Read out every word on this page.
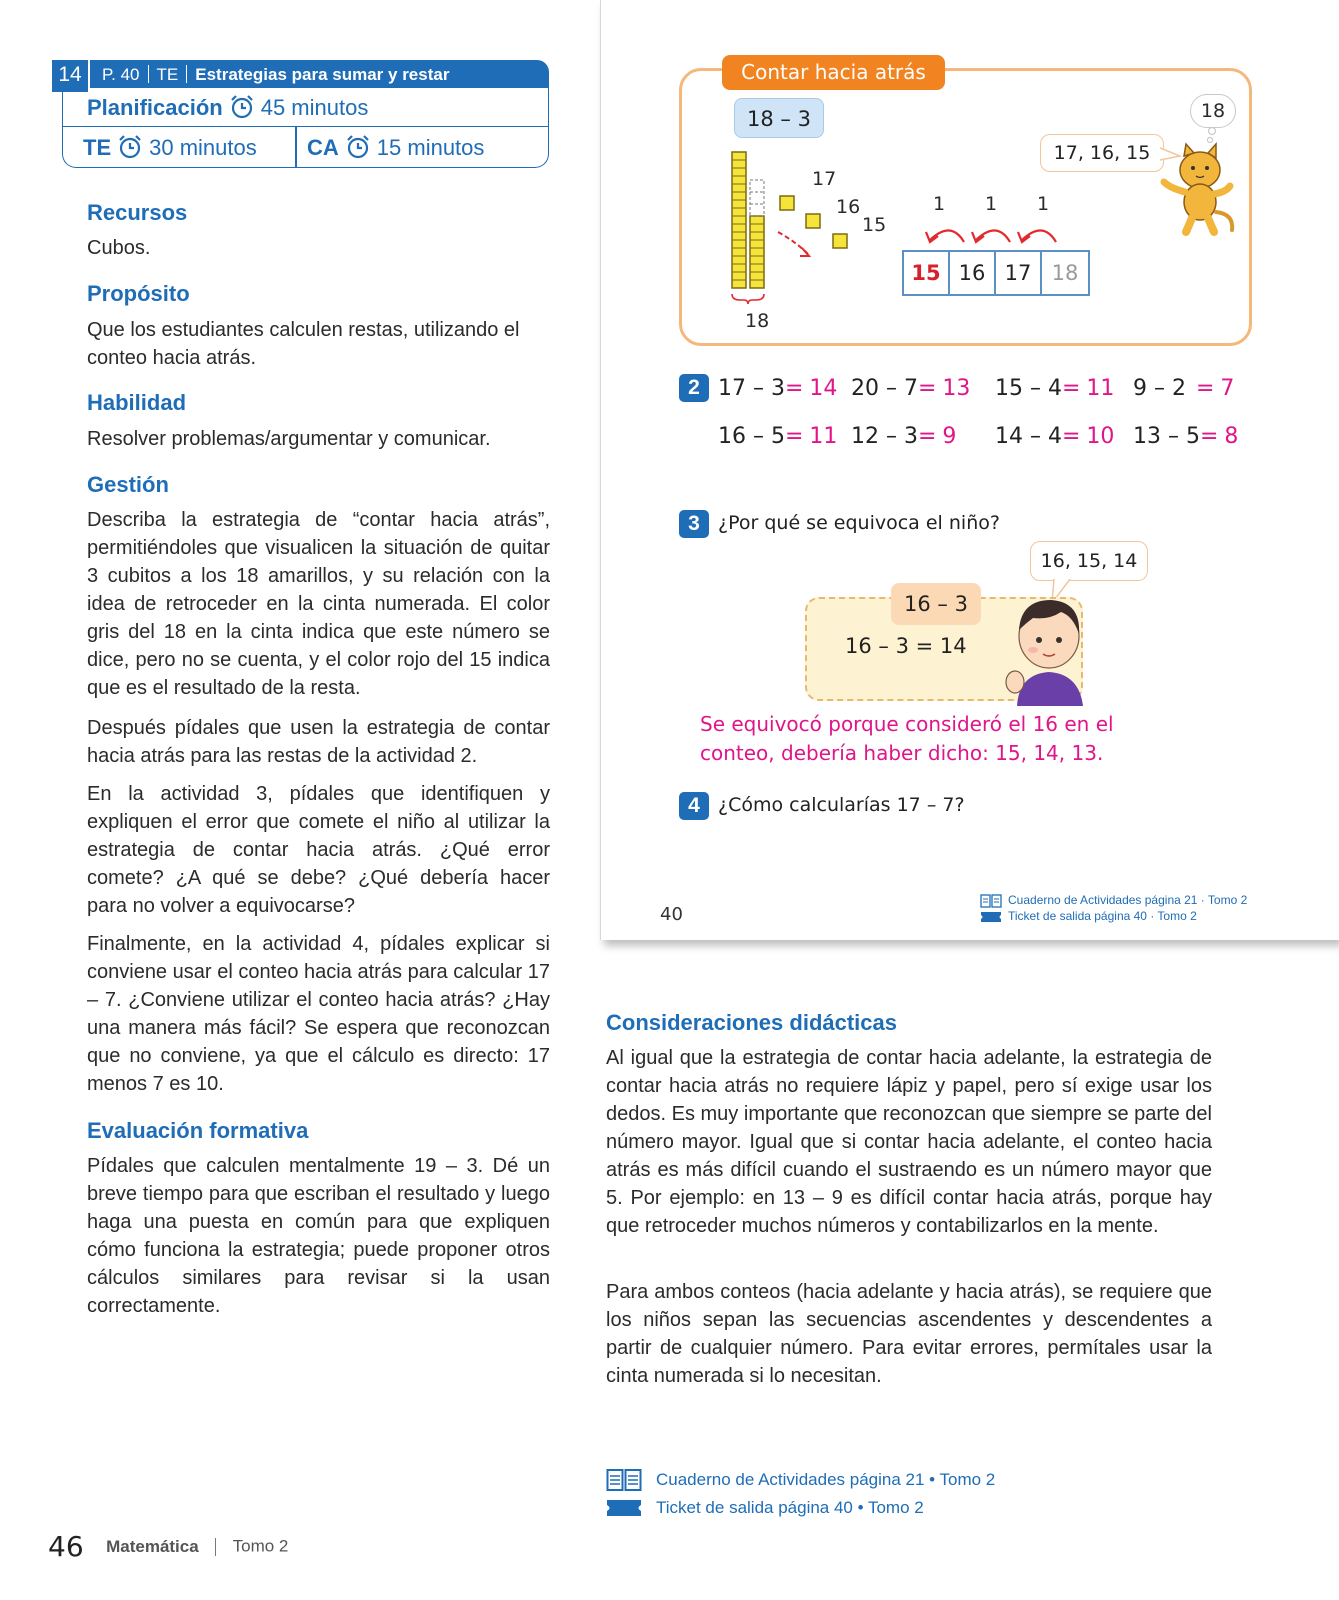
14	P. 40 TE Estrategias para sumar y restar
Planificación 45 minutos
TE 30 minutos CA 15 minutos
Recursos
Cubos.
Propósito
Que los estudiantes calculen restas, utilizando el conteo hacia atrás.
Habilidad
Resolver problemas/argumentar y comunicar.
Gestión
Describa la estrategia de “contar hacia atrás”, permitiéndoles que visualicen la situación de quitar 3 cubitos a los 18 amarillos, y su relación con la idea de retroceder en la cinta numerada. El color gris del 18 en la cinta indica que este número se dice, pero no se cuenta, y el color rojo del 15 indica que es el resultado de la resta.
Después pídales que usen la estrategia de contar hacia atrás para las restas de la actividad 2.
En la actividad 3, pídales que identifiquen y expliquen el error que comete el niño al utilizar la estrategia de contar hacia atrás. ¿Qué error comete? ¿A qué se debe? ¿Qué debería hacer para no volver a equivocarse?
Finalmente, en la actividad 4, pídales explicar si conviene usar el conteo hacia atrás para calcular 17 – 7. ¿Conviene utilizar el conteo hacia atrás? ¿Hay una manera más fácil? Se espera que reconozcan que no conviene, ya que el cálculo es directo: 17 menos 7 es 10.
Evaluación formativa
Pídales que calculen mentalmente 19 – 3. Dé un breve tiempo para que escriban el resultado y luego haga una puesta en común para que expliquen cómo funciona la estrategia; puede proponer otros cálculos similares para revisar si la usan correctamente.
Contar hacia atrás
18 – 3
17
16
15
18
1 1 1
15 16 17 18
17, 16, 15
18
2 17 – 3= 14 20 – 7= 13 15 – 4= 11 9 – 2 = 7
16 – 5= 11 12 – 3= 9 14 – 4= 10 13 – 5= 8
3 ¿Por qué se equivoca el niño?
16, 15, 14
16 – 3
16 – 3 = 14
Se equivocó porque consideró el 16 en el
conteo, debería haber dicho: 15, 14, 13.
4 ¿Cómo calcularías 17 – 7?
40
Cuaderno de Actividades página 21 · Tomo 2
Ticket de salida página 40 · Tomo 2
Consideraciones didácticas
Al igual que la estrategia de contar hacia adelante, la estrategia de contar hacia atrás no requiere lápiz y papel, pero sí exige usar los dedos. Es muy importante que reconozcan que siempre se parte del número mayor. Igual que si contar hacia adelante, el conteo hacia atrás es más difícil cuando el sustraendo es un número mayor que 5. Por ejemplo: en 13 – 9 es difícil contar hacia atrás, porque hay que retroceder muchos números y contabilizarlos en la mente.
Para ambos conteos (hacia adelante y hacia atrás), se requiere que los niños sepan las secuencias ascendentes y descendentes a partir de cualquier número. Para evitar errores, permítales usar la cinta numerada si lo necesitan.
Cuaderno de Actividades página 21 • Tomo 2
Ticket de salida página 40 • Tomo 2
46 Matemática Tomo 2
